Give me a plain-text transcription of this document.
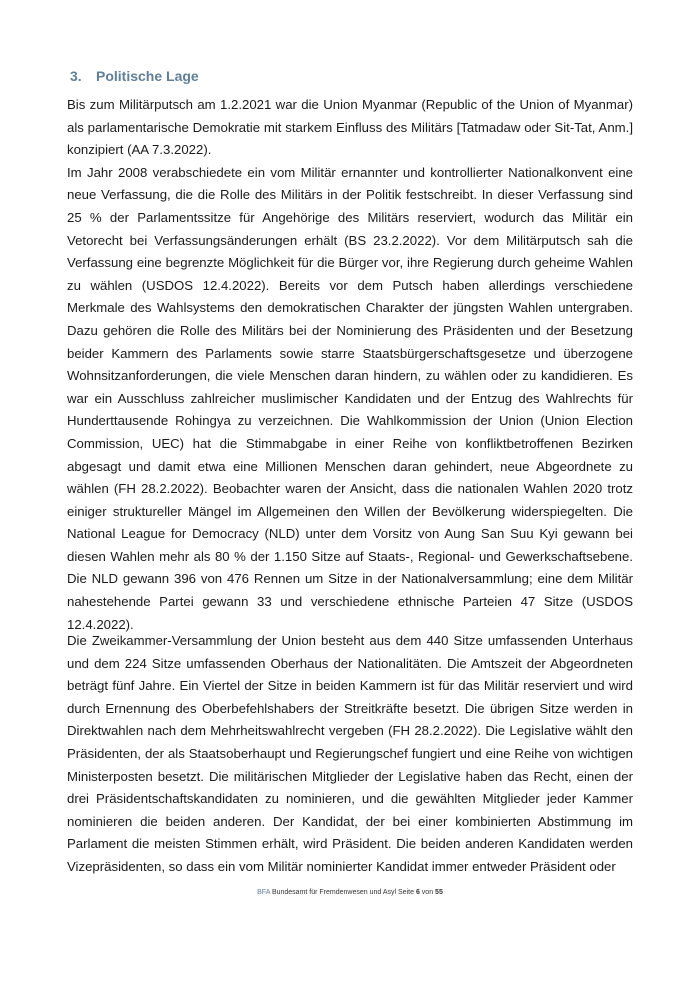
3. Politische Lage

Bis zum Militärputsch am 1.2.2021 war die Union Myanmar (Republic of the Union of Myanmar) als parlamentarische Demokratie mit starkem Einfluss des Militärs [Tatmadaw oder Sit-Tat, Anm.] konzipiert (AA 7.3.2022).

Im Jahr 2008 verabschiedete ein vom Militär ernannter und kontrollierter Nationalkonvent eine neue Verfassung, die die Rolle des Militärs in der Politik festschreibt. In dieser Verfassung sind 25 % der Parlamentssitze für Angehörige des Militärs reserviert, wodurch das Militär ein Vetorecht bei Verfassungsänderungen erhält (BS 23.2.2022). Vor dem Militärputsch sah die Verfassung eine begrenzte Möglichkeit für die Bürger vor, ihre Regierung durch geheime Wahlen zu wählen (USDOS 12.4.2022). Bereits vor dem Putsch haben allerdings verschiedene Merkmale des Wahlsystems den demokratischen Charakter der jüngsten Wahlen untergraben. Dazu gehören die Rolle des Militärs bei der Nominierung des Präsidenten und der Besetzung beider Kammern des Parlaments sowie starre Staatsbürgerschaftsgesetze und überzogene Wohnsitzanforderungen, die viele Menschen daran hindern, zu wählen oder zu kandidieren. Es war ein Ausschluss zahlreicher muslimischer Kandidaten und der Entzug des Wahlrechts für Hunderttausende Rohingya zu verzeichnen. Die Wahlkommission der Union (Union Election Commission, UEC) hat die Stimmabgabe in einer Reihe von konfliktbetroffenen Bezirken abgesagt und damit etwa eine Millionen Menschen daran gehindert, neue Abgeordnete zu wählen (FH 28.2.2022). Beobachter waren der Ansicht, dass die nationalen Wahlen 2020 trotz einiger struktureller Mängel im Allgemeinen den Willen der Bevölkerung widerspiegelten. Die National League for Democracy (NLD) unter dem Vorsitz von Aung San Suu Kyi gewann bei diesen Wahlen mehr als 80 % der 1.150 Sitze auf Staats-, Regional- und Gewerkschaftsebene. Die NLD gewann 396 von 476 Rennen um Sitze in der Nationalversammlung; eine dem Militär nahestehende Partei gewann 33 und verschiedene ethnische Parteien 47 Sitze (USDOS 12.4.2022).

Die Zweikammer-Versammlung der Union besteht aus dem 440 Sitze umfassenden Unterhaus und dem 224 Sitze umfassenden Oberhaus der Nationalitäten. Die Amtszeit der Abgeordneten beträgt fünf Jahre. Ein Viertel der Sitze in beiden Kammern ist für das Militär reserviert und wird durch Ernennung des Oberbefehlshabers der Streitkräfte besetzt. Die übrigen Sitze werden in Direktwahlen nach dem Mehrheitswahlrecht vergeben (FH 28.2.2022). Die Legislative wählt den Präsidenten, der als Staatsoberhaupt und Regierungschef fungiert und eine Reihe von wichtigen Ministerposten besetzt. Die militärischen Mitglieder der Legislative haben das Recht, einen der drei Präsidentschaftskandidaten zu nominieren, und die gewählten Mitglieder jeder Kammer nominieren die beiden anderen. Der Kandidat, der bei einer kombinierten Abstimmung im Parlament die meisten Stimmen erhält, wird Präsident. Die beiden anderen Kandidaten werden Vizepräsidenten, so dass ein vom Militär nominierter Kandidat immer entweder Präsident oder

BFA Bundesamt für Fremdenwesen und Asyl Seite 6 von 55
